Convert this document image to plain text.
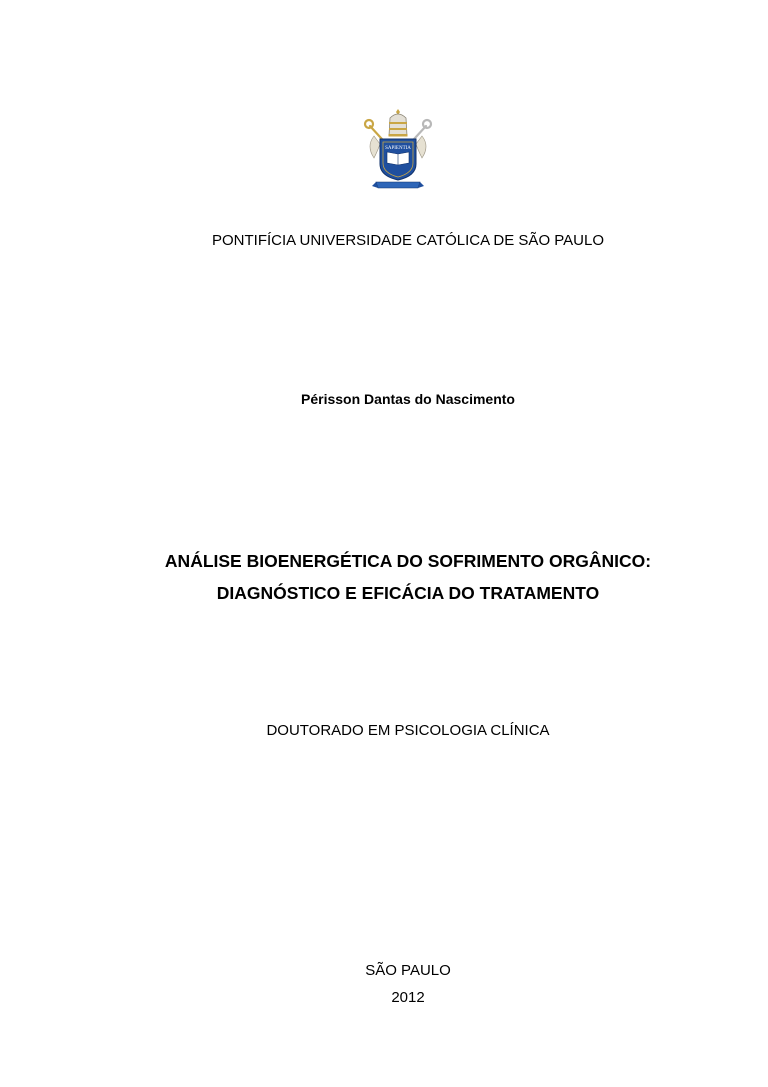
SAPIENTIA
PONTIFÍCIA UNIVERSIDADE CATÓLICA DE SÃO PAULO
Périsson Dantas do Nascimento
ANÁLISE BIOENERGÉTICA DO SOFRIMENTO ORGÂNICO:
DIAGNÓSTICO E EFICÁCIA DO TRATAMENTO
DOUTORADO EM PSICOLOGIA CLÍNICA
SÃO PAULO
2012
